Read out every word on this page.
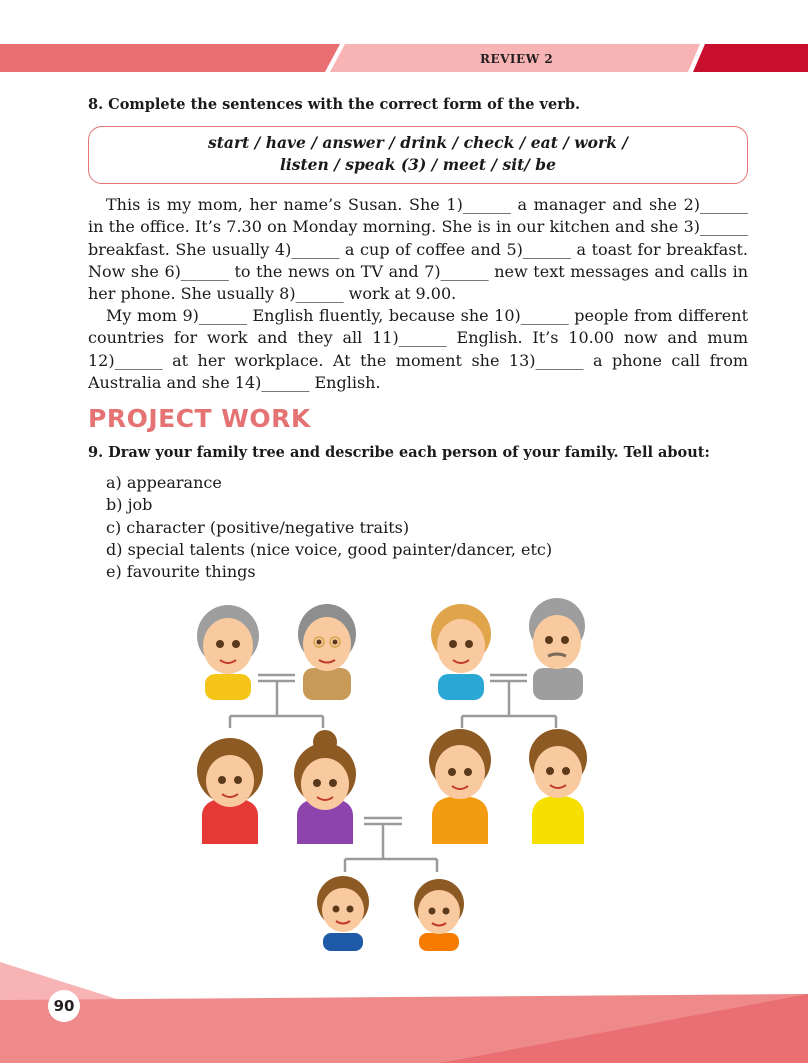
REVIEW 2
8. Complete the sentences with the correct form of the verb.
start / have / answer / drink / check / eat / work /
listen / speak (3) / meet / sit/ be

This is my mom, her name’s Susan. She 1)______ a manager and she 2)______ in the office. It’s 7.30 on Monday morning. She is in our kitchen and she 3)______ breakfast. She usually 4)______ a cup of coffee and 5)______ a toast for breakfast. Now she 6)______ to the news on TV and 7)______ new text messages and calls in her phone. She usually 8)______ work at 9.00.

My mom 9)______ English fluently, because she 10)______ people from different countries for work and they all 11)______ English. It’s 10.00 now and mum 12)______ at her workplace. At the moment she 13)______ a phone call from Australia and she 14)______ English.

PROJECT WORK
9. Draw your family tree and describe each person of your family. Tell about:
a) appearance
b) job
c) character (positive/negative traits)
d) special talents (nice voice, good painter/dancer, etc)
e) favourite things
90
